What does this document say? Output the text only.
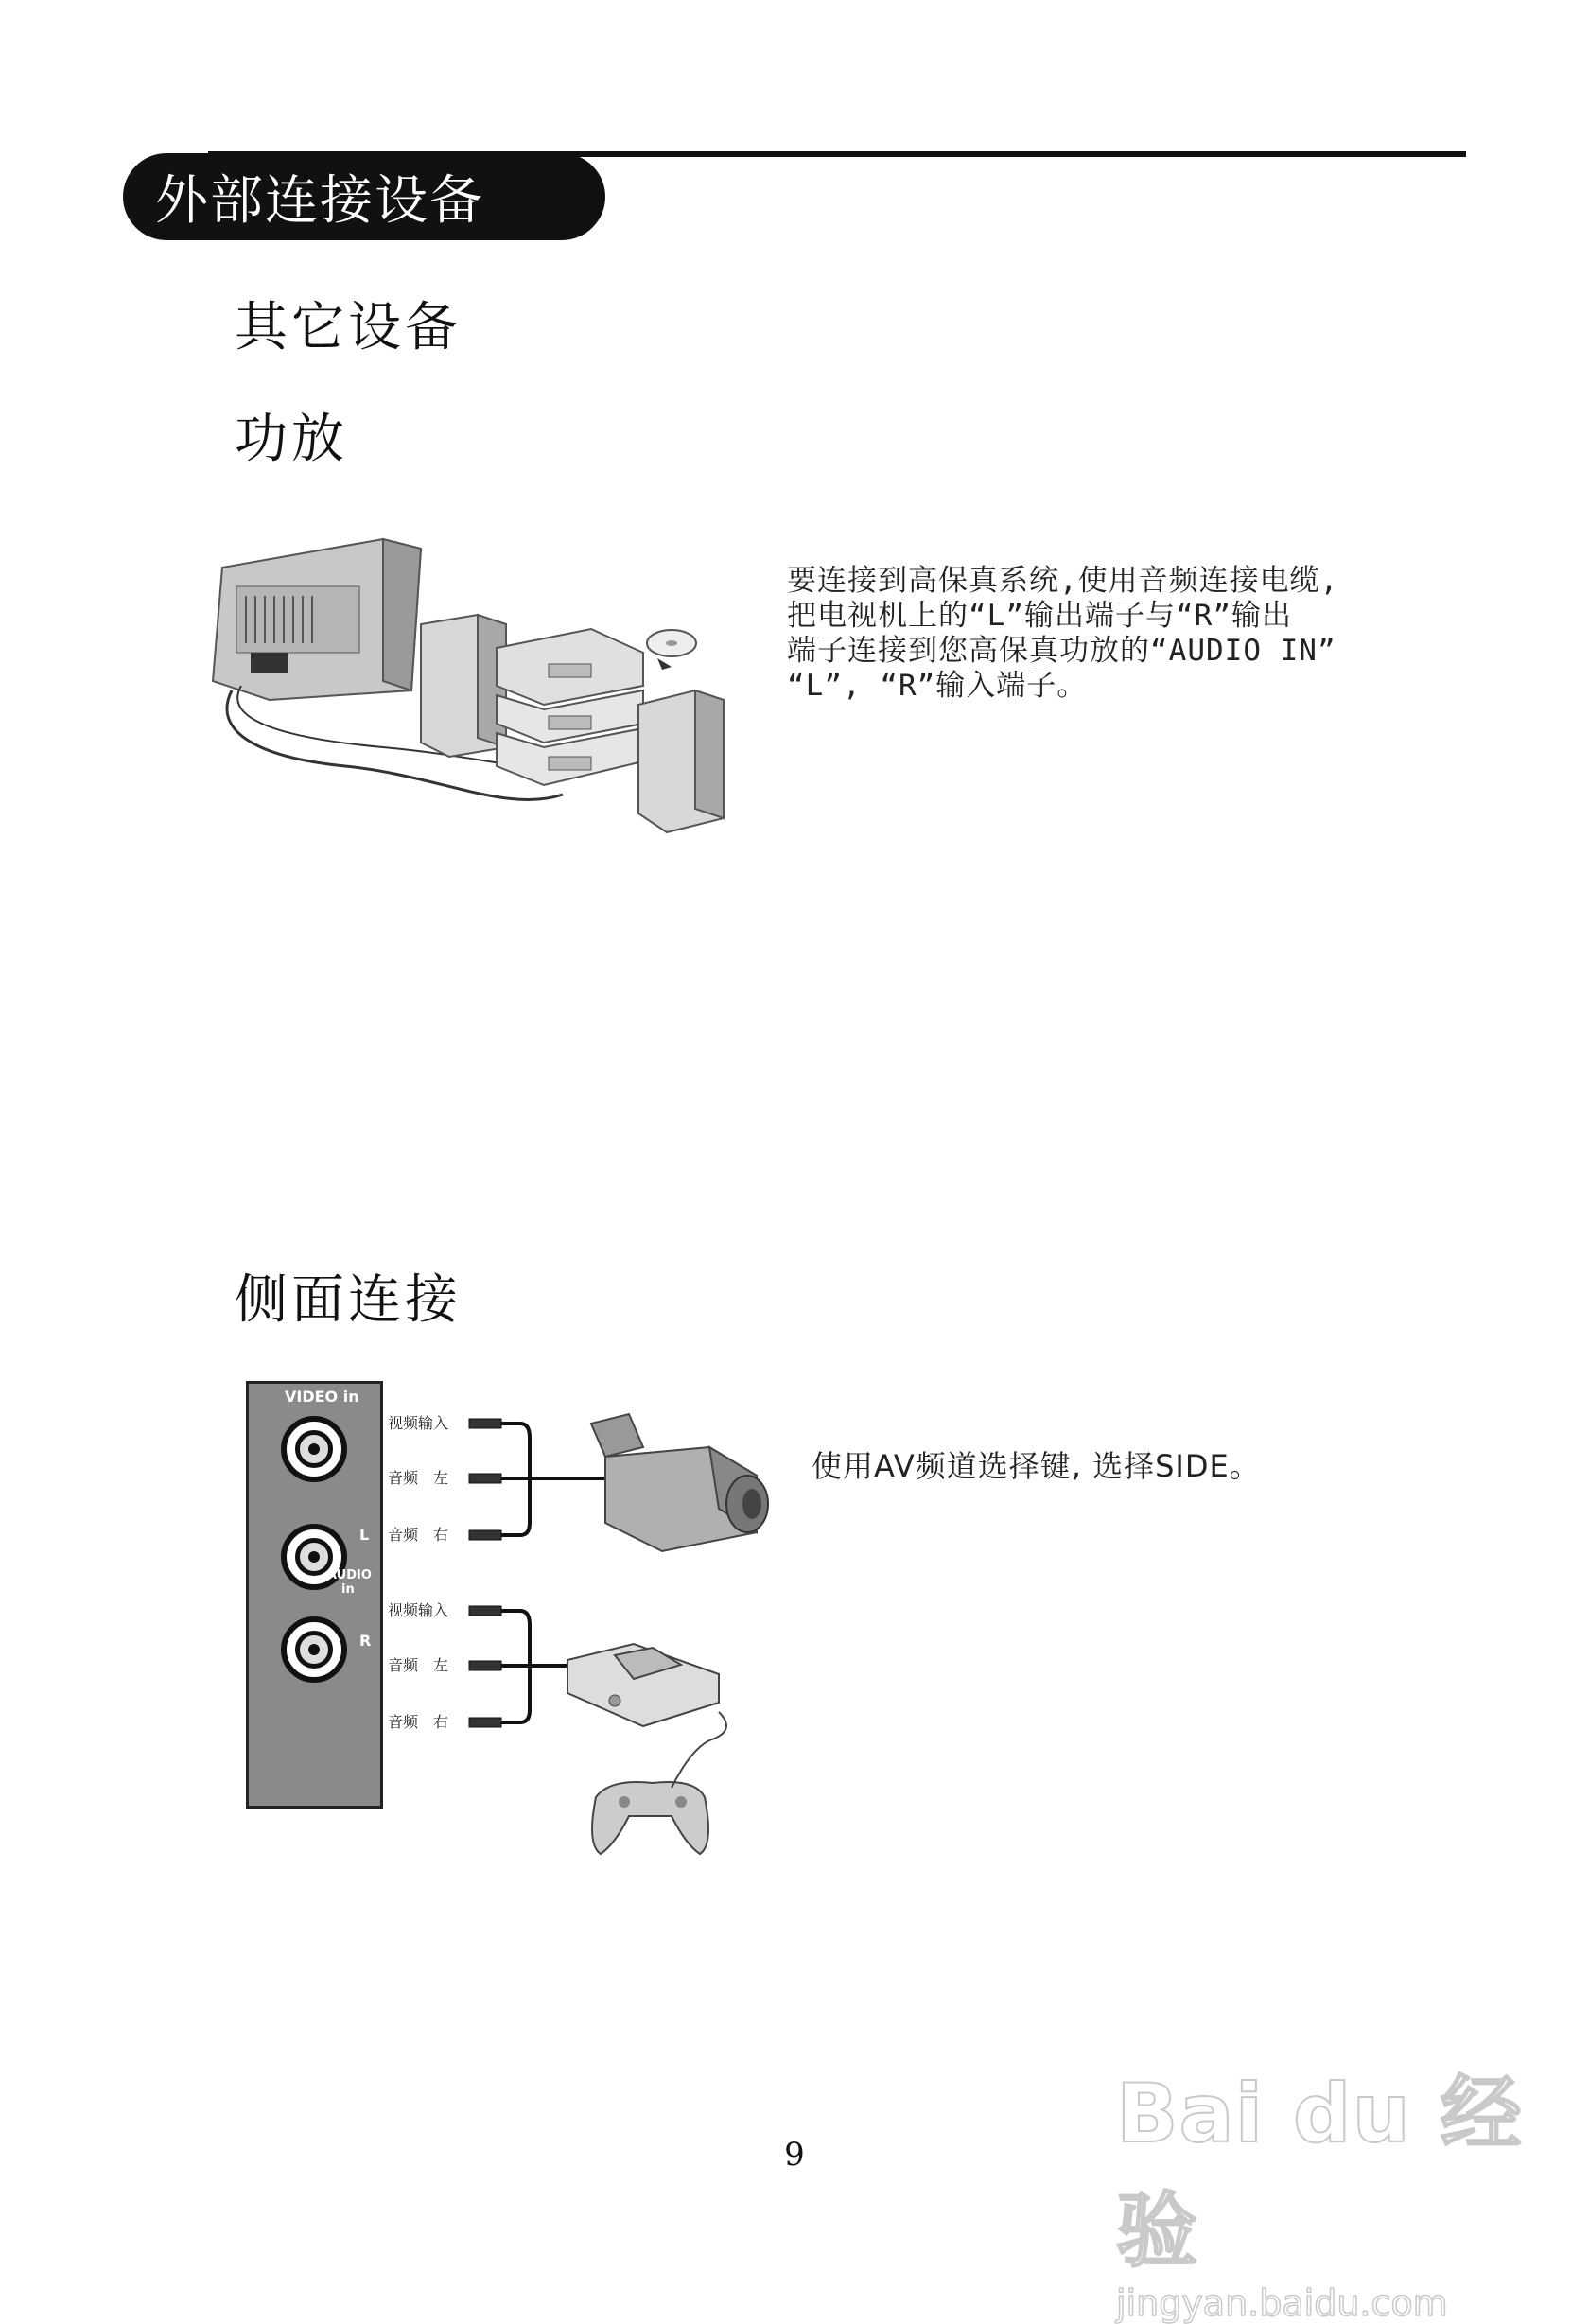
外部连接设备
其它设备
功放
要连接到高保真系统,使用音频连接电缆,
把电视机上的“L”输出端子与“R”输出
端子连接到您高保真功放的“AUDIO IN”
“L”, “R”输入端子。
侧面连接
VIDEO in
L
AUDIO
in
R
视频输入
音频　左
音频　右
视频输入
音频　左
音频　右
使用AV频道选择键, 选择SIDE。
Bai du 经验
jingyan.baidu.com
9
